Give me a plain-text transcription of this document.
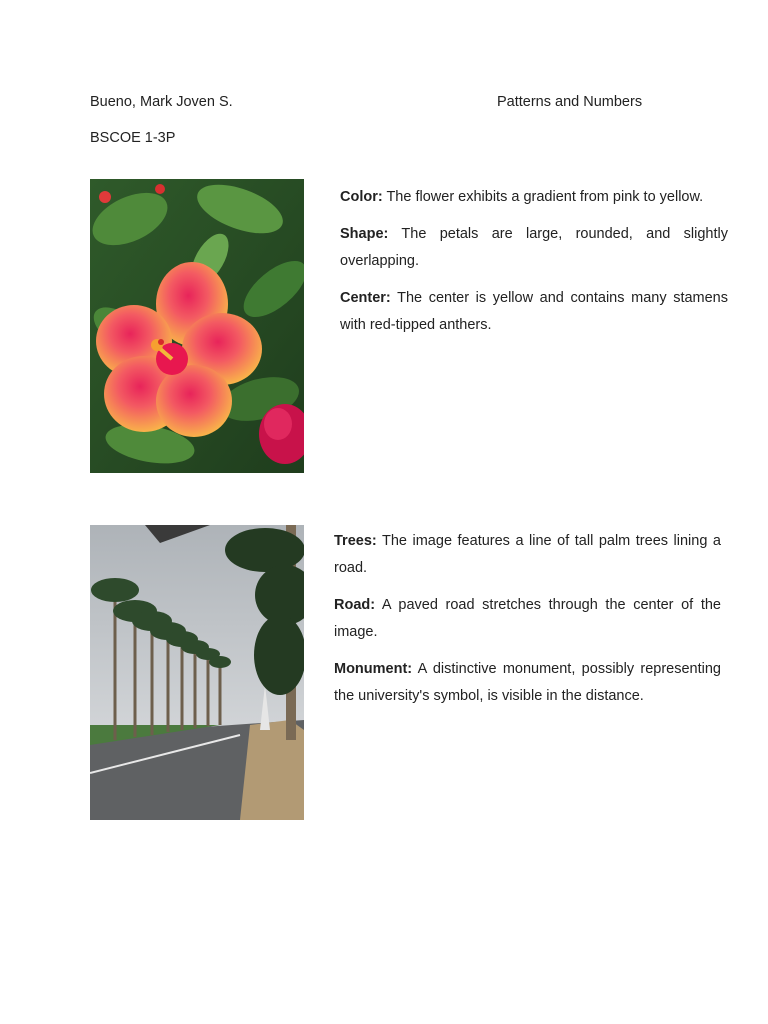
Bueno, Mark Joven S.
BSCOE 1-3P
Patterns and Numbers

Color: The flower exhibits a gradient from pink to yellow.

Shape: The petals are large, rounded, and slightly overlapping.

Center: The center is yellow and contains many stamens with red-tipped anthers.

Trees: The image features a line of tall palm trees lining a road.

Road: A paved road stretches through the center of the image.

Monument: A distinctive monument, possibly representing the university's symbol, is visible in the distance.
